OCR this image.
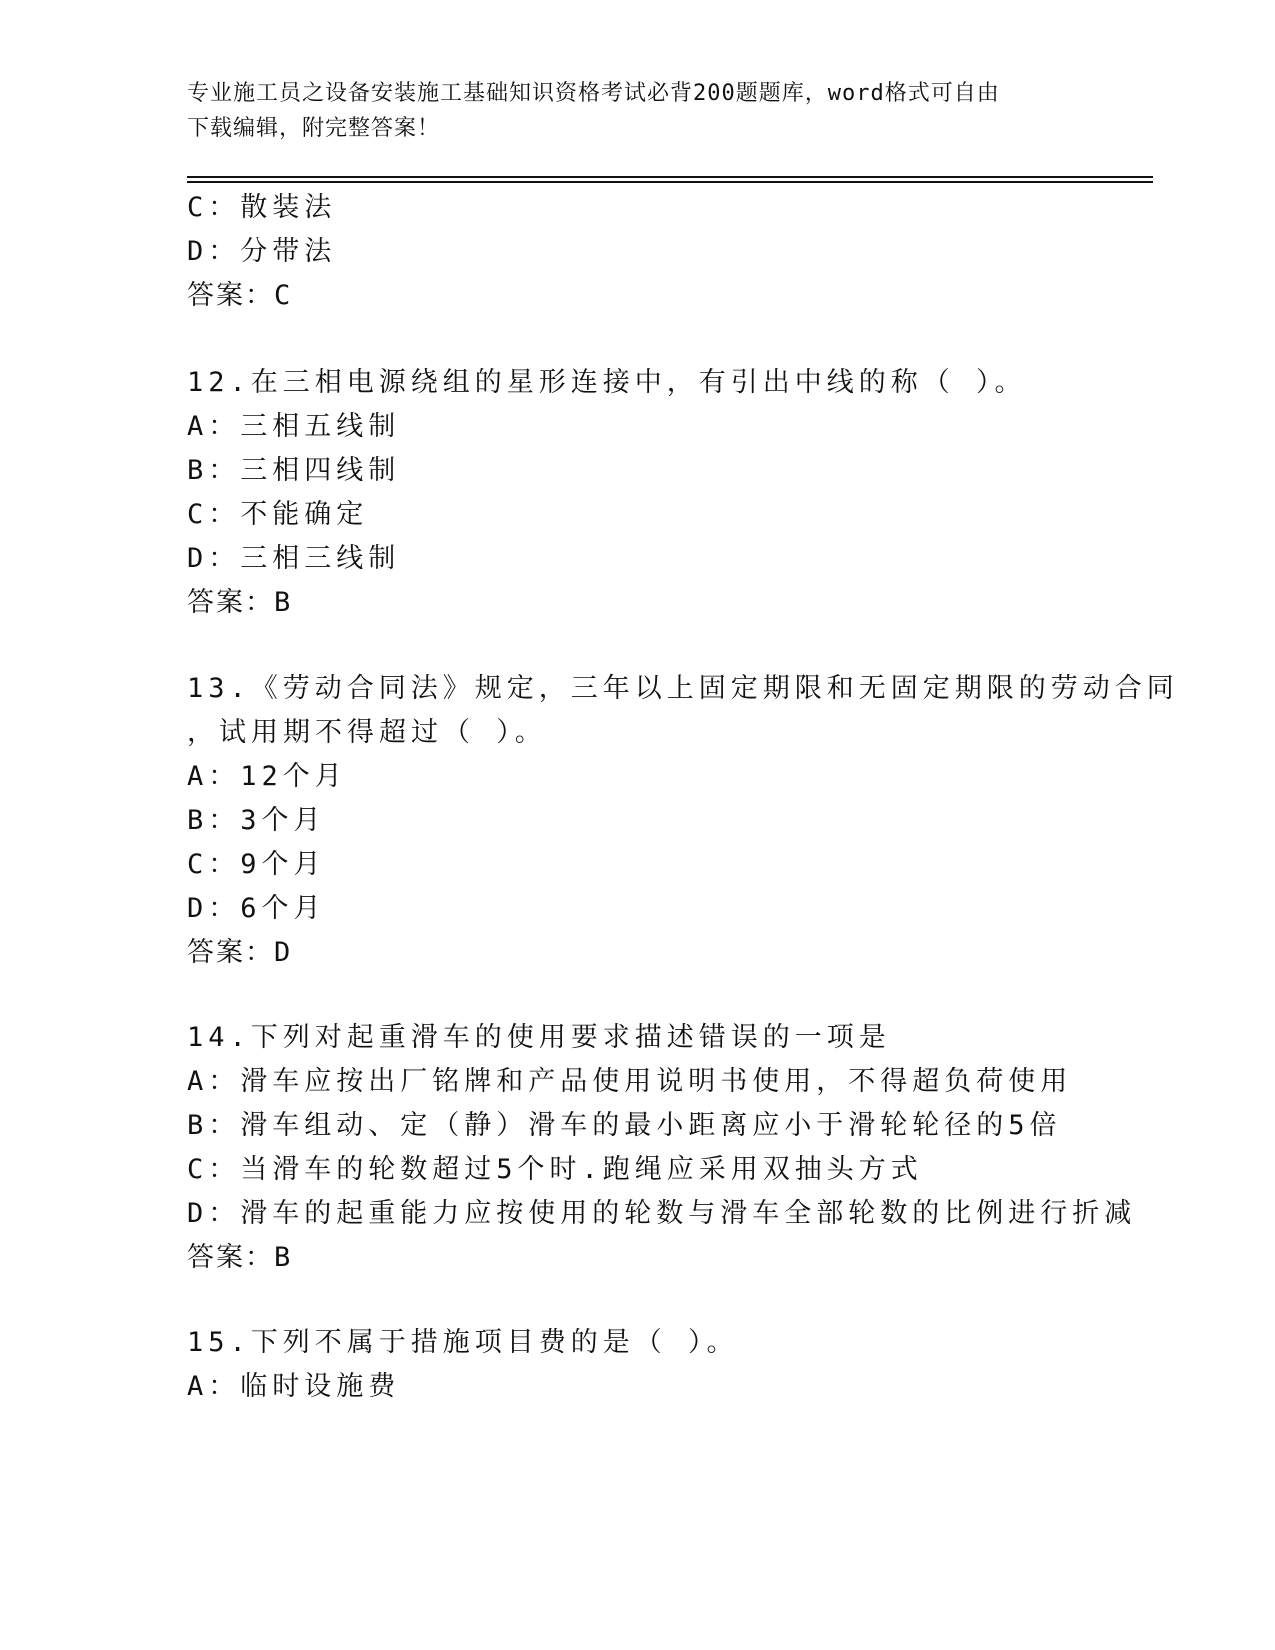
专业施工员之设备安装施工基础知识资格考试必背200题题库，word格式可自由
下载编辑，附完整答案！
C：散装法
D：分带法
答案：C
12.在三相电源绕组的星形连接中，有引出中线的称（ ）。
A：三相五线制
B：三相四线制
C：不能确定
D：三相三线制
答案：B
13.《劳动合同法》规定，三年以上固定期限和无固定期限的劳动合同
，试用期不得超过（ ）。
A：12个月
B：3个月
C：9个月
D：6个月
答案：D
14.下列对起重滑车的使用要求描述错误的一项是
A：滑车应按出厂铭牌和产品使用说明书使用，不得超负荷使用
B：滑车组动、定（静）滑车的最小距离应小于滑轮轮径的5倍
C：当滑车的轮数超过5个时.跑绳应采用双抽头方式
D：滑车的起重能力应按使用的轮数与滑车全部轮数的比例进行折减
答案：B
15.下列不属于措施项目费的是（ ）。
A：临时设施费
